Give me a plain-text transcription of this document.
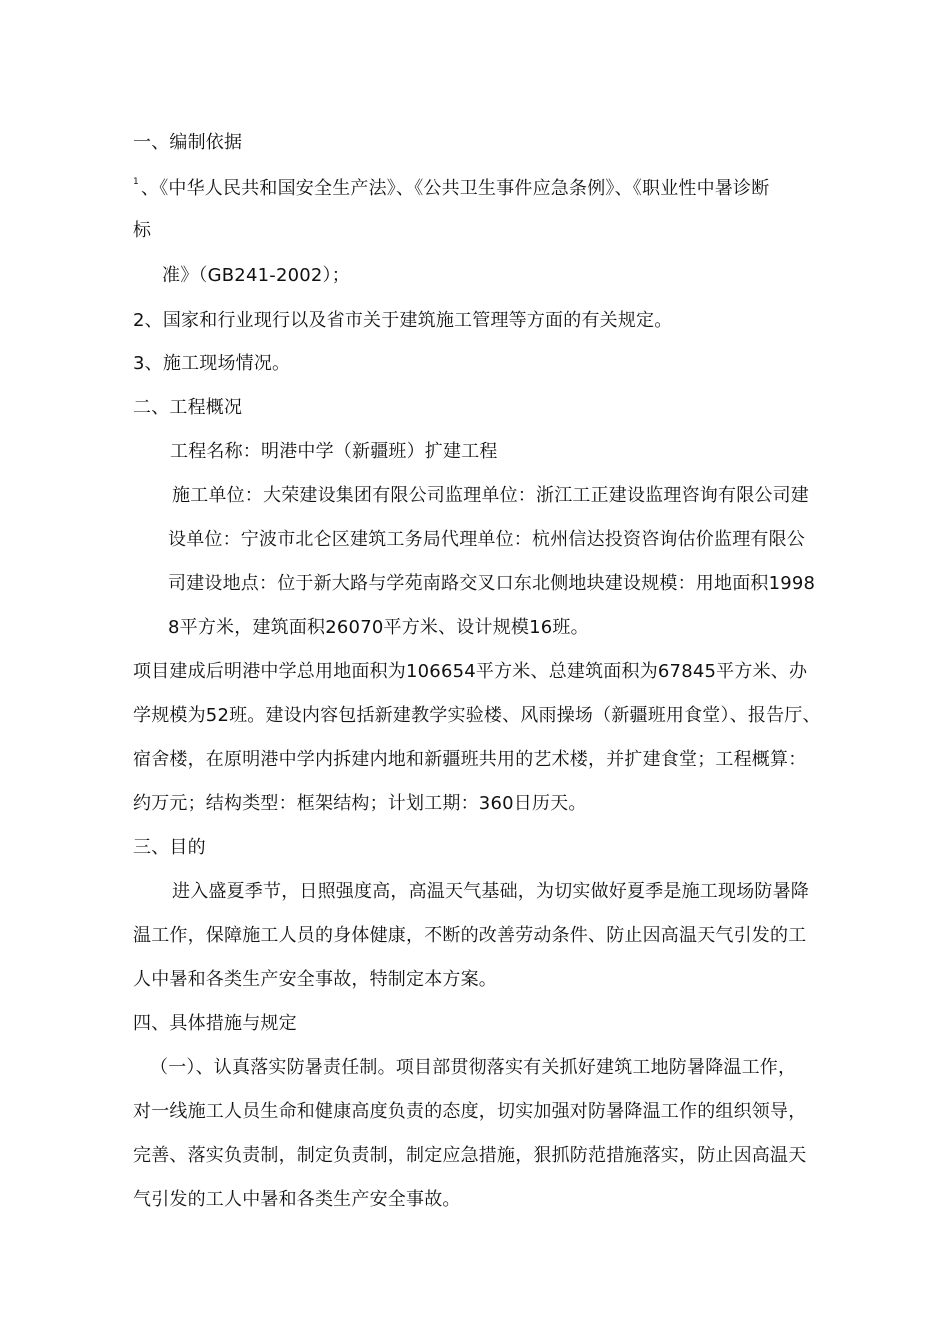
1

一、编制依据

、《中华人民共和国安全生产法》、《公共卫生事件应急条例》、《职业性中暑诊断

标

准》（GB241-2002）；

2、国家和行业现行以及省市关于建筑施工管理等方面的有关规定。

3、施工现场情况。

二、工程概况

工程名称：明港中学（新疆班）扩建工程

施工单位：大荣建设集团有限公司监理单位：浙江工正建设监理咨询有限公司建

设单位：宁波市北仑区建筑工务局代理单位：杭州信达投资咨询估价监理有限公

司建设地点：位于新大路与学苑南路交叉口东北侧地块建设规模：用地面积1998

8平方米，建筑面积26070平方米、设计规模16班。

项目建成后明港中学总用地面积为106654平方米、总建筑面积为67845平方米、办

学规模为52班。建设内容包括新建教学实验楼、风雨操场（新疆班用食堂）、报告厅、

宿舍楼，在原明港中学内拆建内地和新疆班共用的艺术楼，并扩建食堂；工程概算：

约万元；结构类型：框架结构；计划工期：360日历天。

三、目的

进入盛夏季节，日照强度高，高温天气基础，为切实做好夏季是施工现场防暑降

温工作，保障施工人员的身体健康，不断的改善劳动条件、防止因高温天气引发的工

人中暑和各类生产安全事故，特制定本方案。

四、具体措施与规定

（一）、认真落实防暑责任制。项目部贯彻落实有关抓好建筑工地防暑降温工作，

对一线施工人员生命和健康高度负责的态度，切实加强对防暑降温工作的组织领导，

完善、落实负责制，制定负责制，制定应急措施，狠抓防范措施落实，防止因高温天

气引发的工人中暑和各类生产安全事故。
